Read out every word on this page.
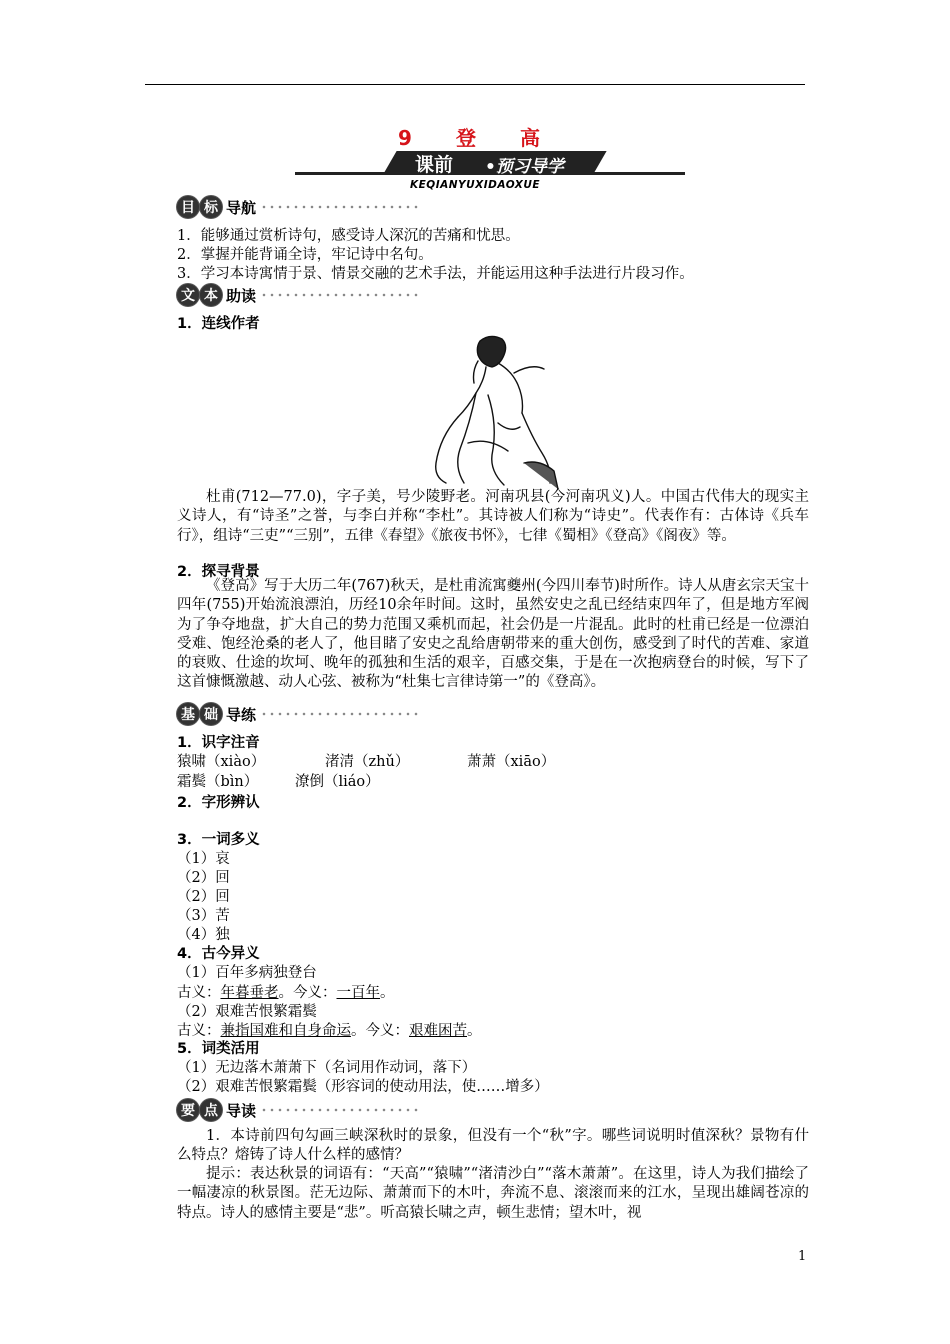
9　登　高
课前 •预习导学
KEQIANYUXIDAOXUE
目 标 导航
1．能够通过赏析诗句，感受诗人深沉的苦痛和忧思。
2．掌握并能背诵全诗，牢记诗中名句。
3．学习本诗寓情于景、情景交融的艺术手法，并能运用这种手法进行片段习作。
文 本 助读
1．连线作者
杜甫(712—77.0)，字子美，号少陵野老。河南巩县(今河南巩义)人。中国古代伟大的现实主义诗人，有“诗圣”之誉，与李白并称“李杜”。其诗被人们称为“诗史”。代表作有：古体诗《兵车行》，组诗“三吏”“三别”，五律《春望》《旅夜书怀》，七律《蜀相》《登高》《阁夜》等。
2．探寻背景
《登高》写于大历二年(767)秋天，是杜甫流寓夔州(今四川奉节)时所作。诗人从唐玄宗天宝十四年(755)开始流浪漂泊，历经10余年时间。这时，虽然安史之乱已经结束四年了，但是地方军阀为了争夺地盘，扩大自己的势力范围又乘机而起，社会仍是一片混乱。此时的杜甫已经是一位漂泊受难、饱经沧桑的老人了，他目睹了安史之乱给唐朝带来的重大创伤，感受到了时代的苦难、家道的衰败、仕途的坎坷、晚年的孤独和生活的艰辛，百感交集，于是在一次抱病登台的时候，写下了这首慷慨激越、动人心弦、被称为“杜集七言律诗第一”的《登高》。
基 础 导练
1．识字注音
猿啸（xiào）	渚清（zhǔ）	萧萧（xiāo）
霜鬓（bìn）	潦倒（liáo）
2．字形辨认
3．一词多义
（1）哀
（2）回
（2）回
（3）苦
（4）独
4．古今异义
（1）百年多病独登台
古义：年暮垂老。今义：一百年。
（2）艰难苦恨繁霜鬓
古义：兼指国难和自身命运。今义：艰难困苦。
5．词类活用
（1）无边落木萧萧下（名词用作动词，落下）
（2）艰难苦恨繁霜鬓（形容词的使动用法，使……增多）
要 点 导读
1．本诗前四句勾画三峡深秋时的景象，但没有一个“秋”字。哪些词说明时值深秋？景物有什么特点？熔铸了诗人什么样的感情？
提示：表达秋景的词语有：“天高”“猿啸”“渚清沙白”“落木萧萧”。在这里，诗人为我们描绘了一幅凄凉的秋景图。茫无边际、萧萧而下的木叶，奔流不息、滚滚而来的江水，呈现出雄阔苍凉的特点。诗人的感情主要是“悲”。听高猿长啸之声，顿生悲情；望木叶，视
1
